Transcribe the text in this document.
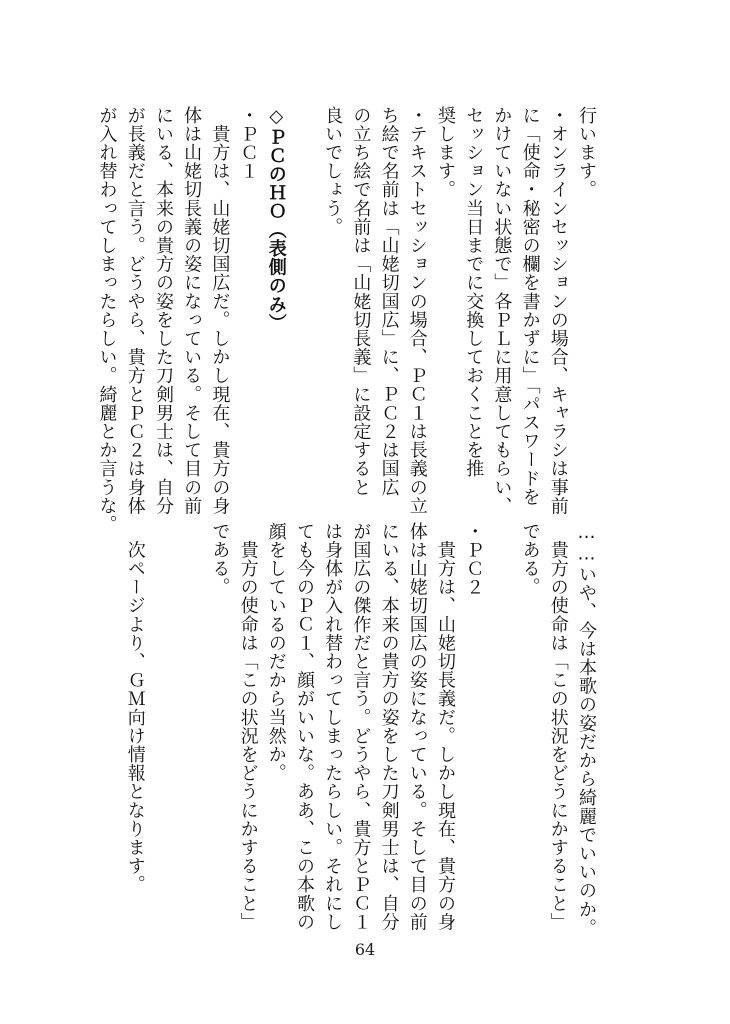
行います。
・オンラインセッションの場合、キャラシは事前
に「使命・秘密の欄を書かずに」「パスワードを
かけていない状態で」各ＰＬに用意してもらい、
セッション当日までに交換しておくことを推
奨します。
・テキストセッションの場合、ＰＣ１は長義の立
ち絵で名前は「山姥切国広」に、ＰＣ２は国広
の立ち絵で名前は「山姥切長義」に設定すると
良いでしょう。

◇ＰＣのＨＯ（表側のみ）
・ＰＣ１
　貴方は、山姥切国広だ。しかし現在、貴方の身
体は山姥切長義の姿になっている。そして目の前
にいる、本来の貴方の姿をした刀剣男士は、自分
が長義だと言う。どうやら、貴方とＰＣ２は身体
が入れ替わってしまったらしい。綺麗とか言うな。
……いや、今は本歌の姿だから綺麗でいいのか。
　貴方の使命は「この状況をどうにかすること」
である。

・ＰＣ２
　貴方は、山姥切長義だ。しかし現在、貴方の身
体は山姥切国広の姿になっている。そして目の前
にいる、本来の貴方の姿をした刀剣男士は、自分
が国広の傑作だと言う。どうやら、貴方とＰＣ１
は身体が入れ替わってしまったらしい。それにし
ても今のＰＣ１、顔がいいな。ああ、この本歌の
顔をしているのだから当然か。
　貴方の使命は「この状況をどうにかすること」
である。

　次ページより、ＧＭ向け情報となります。
64
